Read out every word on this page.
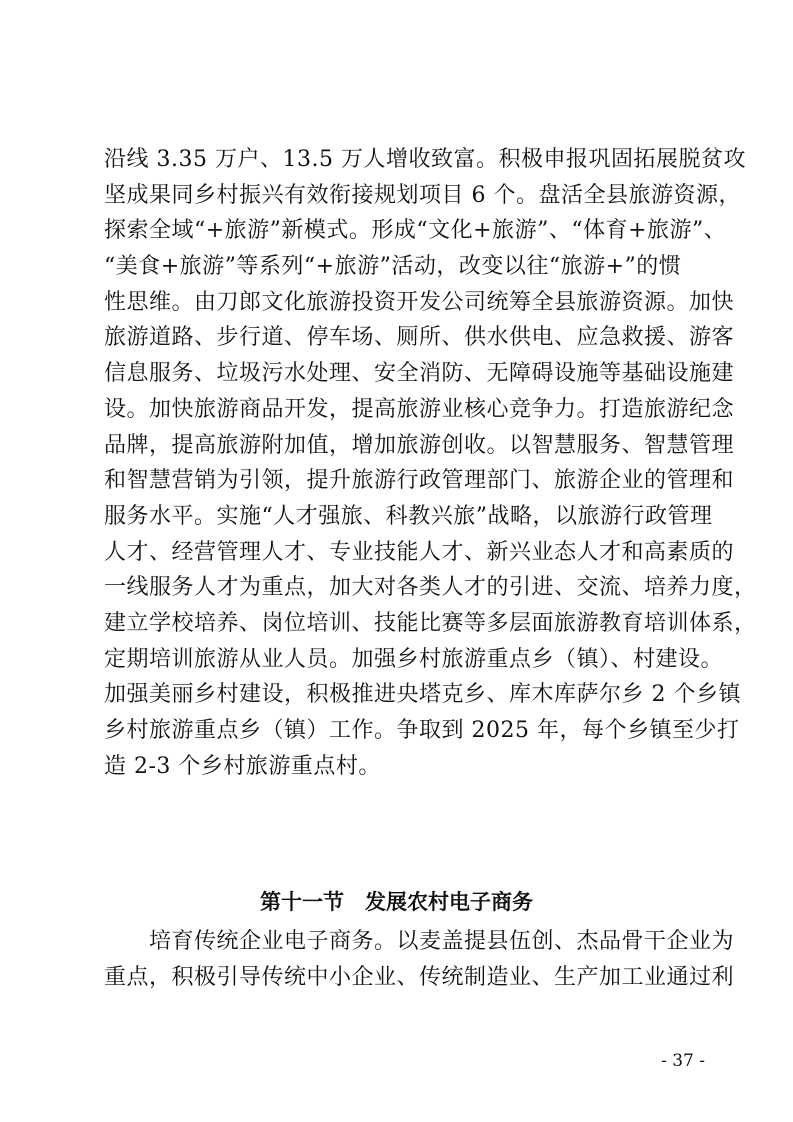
沿线 3.35 万户、13.5 万人增收致富。积极申报巩固拓展脱贫攻
坚成果同乡村振兴有效衔接规划项目 6 个。盘活全县旅游资源，
探索全域“+旅游”新模式。形成“文化+旅游”、“体育+旅游”、
“美食+旅游”等系列“+旅游”活动，改变以往“旅游+”的惯
性思维。由刀郎文化旅游投资开发公司统筹全县旅游资源。加快
旅游道路、步行道、停车场、厕所、供水供电、应急救援、游客
信息服务、垃圾污水处理、安全消防、无障碍设施等基础设施建
设。加快旅游商品开发，提高旅游业核心竞争力。打造旅游纪念
品牌，提高旅游附加值，增加旅游创收。以智慧服务、智慧管理
和智慧营销为引领，提升旅游行政管理部门、旅游企业的管理和
服务水平。实施“人才强旅、科教兴旅”战略，以旅游行政管理
人才、经营管理人才、专业技能人才、新兴业态人才和高素质的
一线服务人才为重点，加大对各类人才的引进、交流、培养力度，
建立学校培养、岗位培训、技能比赛等多层面旅游教育培训体系，
定期培训旅游从业人员。加强乡村旅游重点乡（镇）、村建设。
加强美丽乡村建设，积极推进央塔克乡、库木库萨尔乡 2 个乡镇
乡村旅游重点乡（镇）工作。争取到 2025 年，每个乡镇至少打
造 2-3 个乡村旅游重点村。
第十一节　发展农村电子商务
　　培育传统企业电子商务。以麦盖提县伍创、杰品骨干企业为
重点，积极引导传统中小企业、传统制造业、生产加工业通过利
- 37 -
